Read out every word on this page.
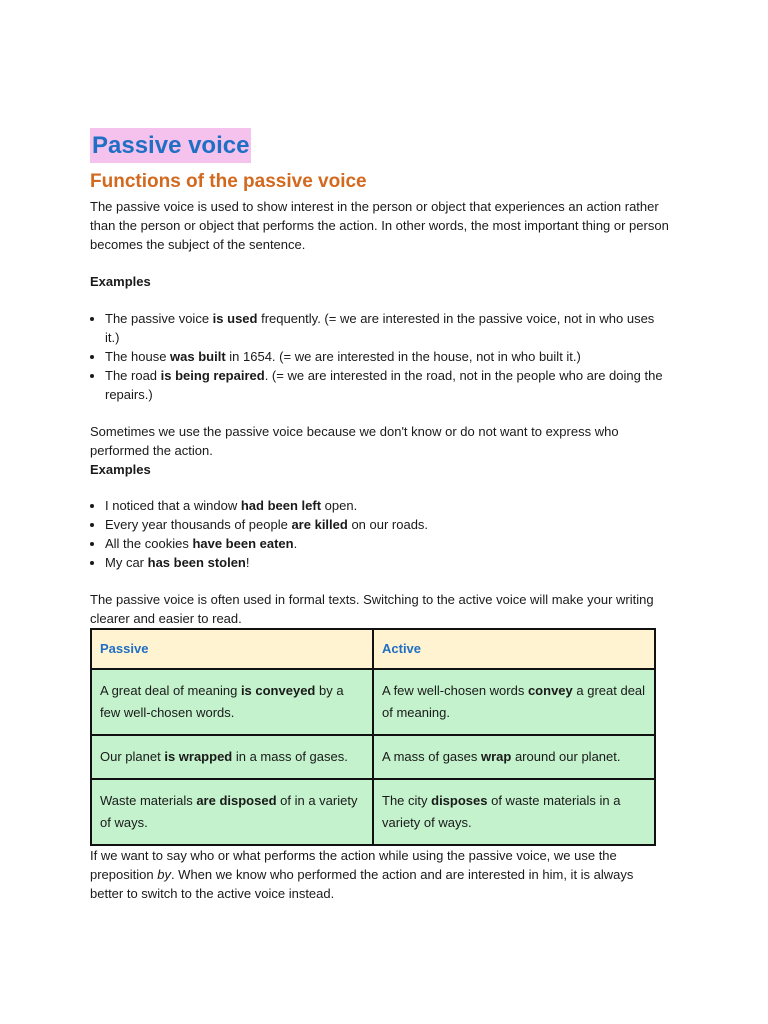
Passive voice
Functions of the passive voice

The passive voice is used to show interest in the person or object that experiences an action rather than the person or object that performs the action. In other words, the most important thing or person becomes the subject of the sentence.

Examples
• The passive voice is used frequently. (= we are interested in the passive voice, not in who uses it.)
• The house was built in 1654. (= we are interested in the house, not in who built it.)
• The road is being repaired. (= we are interested in the road, not in the people who are doing the repairs.)

Sometimes we use the passive voice because we don't know or do not want to express who performed the action.

Examples
• I noticed that a window had been left open.
• Every year thousands of people are killed on our roads.
• All the cookies have been eaten.
• My car has been stolen!

The passive voice is often used in formal texts. Switching to the active voice will make your writing clearer and easier to read.

Passive	Active
A great deal of meaning is conveyed by a few well-chosen words.	A few well-chosen words convey a great deal of meaning.
Our planet is wrapped in a mass of gases.	A mass of gases wrap around our planet.
Waste materials are disposed of in a variety of ways.	The city disposes of waste materials in a variety of ways.

If we want to say who or what performs the action while using the passive voice, we use the preposition by. When we know who performed the action and are interested in him, it is always better to switch to the active voice instead.
